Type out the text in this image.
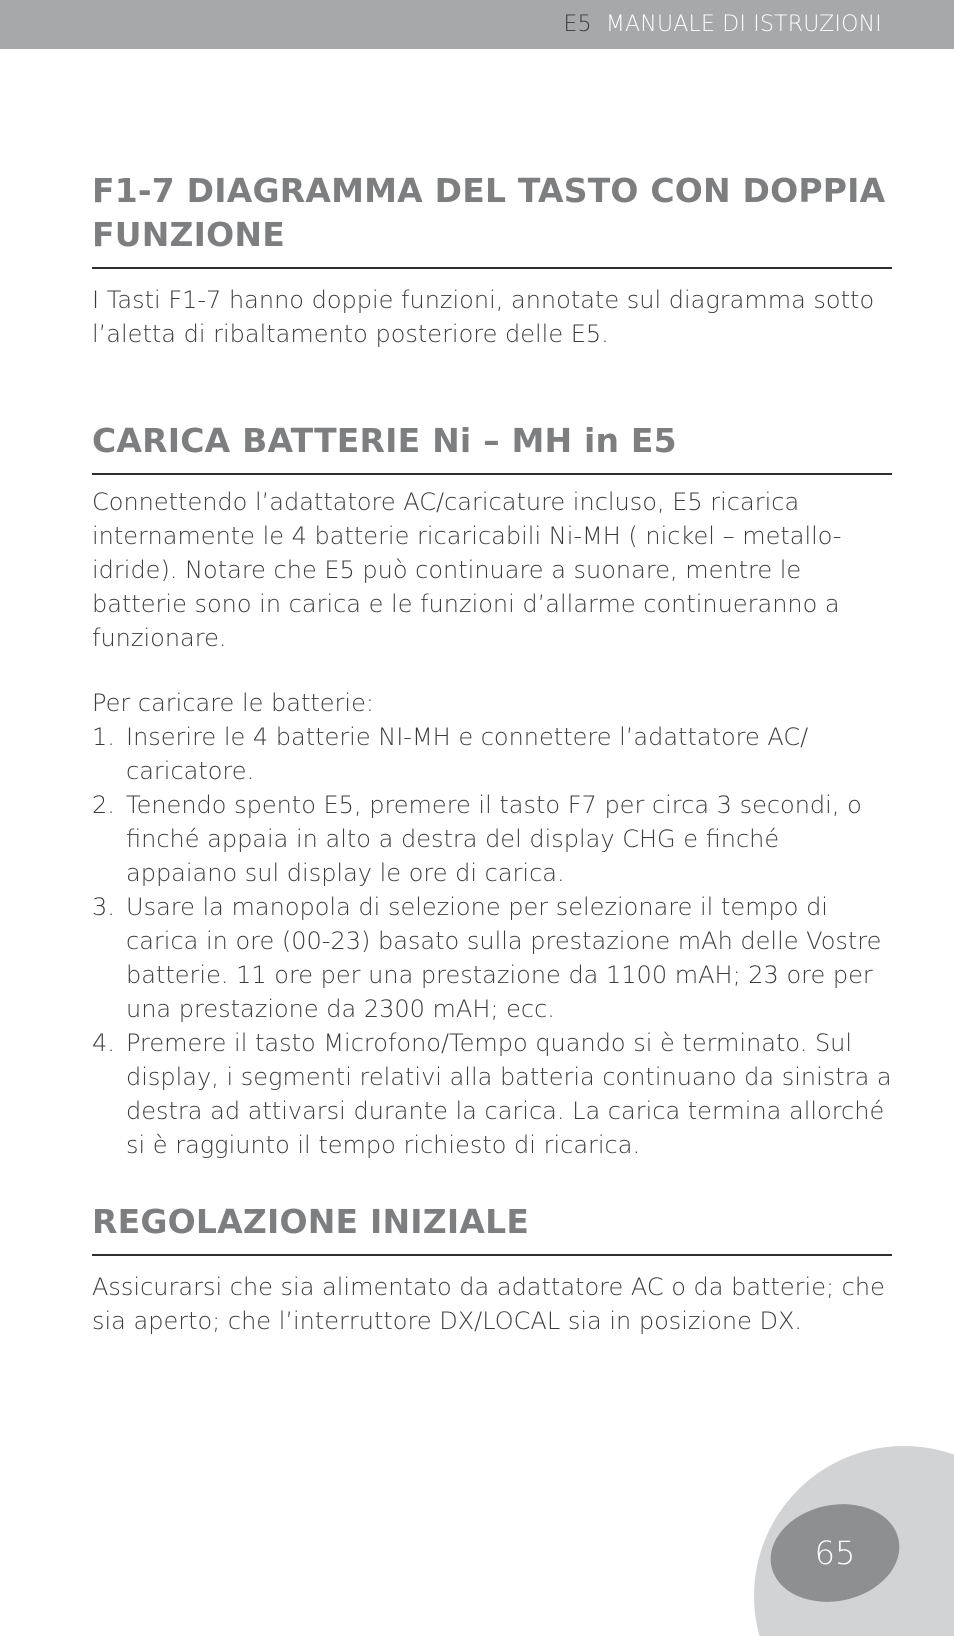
E5 MANUALE DI ISTRUZIONI
F1-7 DIAGRAMMA DEL TASTO CON DOPPIA FUNZIONE

I Tasti F1-7 hanno doppie funzioni, annotate sul diagramma sotto l’aletta di ribaltamento posteriore delle E5.

CARICA BATTERIE Ni – MH in E5

Connettendo l’adattatore AC/caricature incluso, E5 ricarica internamente le 4 batterie ricaricabili Ni-MH ( nickel – metallo-idride). Notare che E5 può continuare a suonare, mentre le batterie sono in carica e le funzioni d’allarme continueranno a funzionare.

Per caricare le batterie:

1. Inserire le 4 batterie NI-MH e connettere l’adattatore AC/ caricatore.
2. Tenendo spento E5, premere il tasto F7 per circa 3 secondi, o finché appaia in alto a destra del display CHG e finché appaiano sul display le ore di carica.
3. Usare la manopola di selezione per selezionare il tempo di carica in ore (00-23) basato sulla prestazione mAh delle Vostre batterie. 11 ore per una prestazione da 1100 mAH; 23 ore per una prestazione da 2300 mAH; ecc.
4. Premere il tasto Microfono/Tempo quando si è terminato. Sul display, i segmenti relativi alla batteria continuano da sinistra a destra ad attivarsi durante la carica. La carica termina allorché si è raggiunto il tempo richiesto di ricarica.
REGOLAZIONE INIZIALE

Assicurarsi che sia alimentato da adattatore AC o da batterie; che sia aperto; che l’interruttore DX/LOCAL sia in posizione DX.

65
